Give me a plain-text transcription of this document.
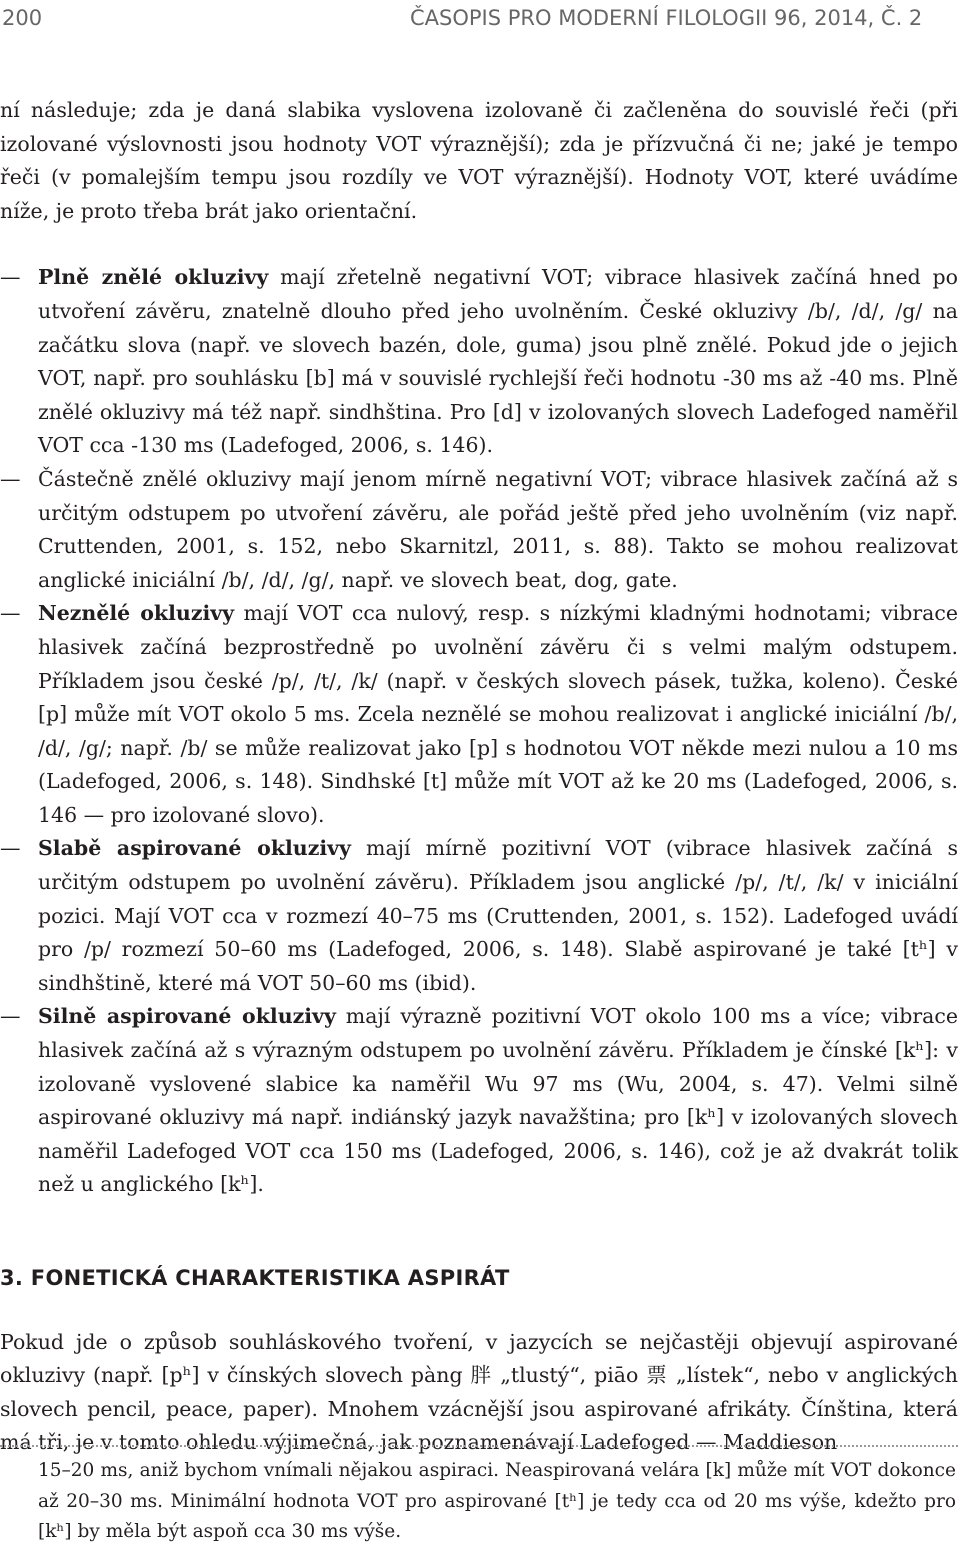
200	ČASOPIS PRO MODERNÍ FILOLOGII 96, 2014, Č. 2

ní následuje; zda je daná slabika vyslovena izolovaně či začleněna do souvislé řeči (při izolované výslovnosti jsou hodnoty VOT výraznější); zda je přízvučná či ne; jaké je tempo řeči (v pomalejším tempu jsou rozdíly ve VOT výraznější). Hodnoty VOT, které uvádíme níže, je proto třeba brát jako orientační.

— Plně znělé okluzivy mají zřetelně negativní VOT; vibrace hlasivek začíná hned po utvoření závěru, znatelně dlouho před jeho uvolněním. České okluzivy /b/, /d/, /g/ na začátku slova (např. ve slovech bazén, dole, guma) jsou plně znělé. Pokud jde o jejich VOT, např. pro souhlásku [b] má v souvislé rychlejší řeči hodnotu -30 ms až -40 ms. Plně znělé okluzivy má též např. sindhština. Pro [d] v izolovaných slovech Ladefoged naměřil VOT cca -130 ms (Ladefoged, 2006, s. 146).
— Částečně znělé okluzivy mají jenom mírně negativní VOT; vibrace hlasivek začíná až s určitým odstupem po utvoření závěru, ale pořád ještě před jeho uvolněním (viz např. Cruttenden, 2001, s. 152, nebo Skarnitzl, 2011, s. 88). Takto se mohou realizovat anglické iniciální /b/, /d/, /g/, např. ve slovech beat, dog, gate.
— Neznělé okluzivy mají VOT cca nulový, resp. s nízkými kladnými hodnotami; vibrace hlasivek začíná bezprostředně po uvolnění závěru či s velmi malým odstupem. Příkladem jsou české /p/, /t/, /k/ (např. v českých slovech pásek, tužka, koleno). České [p] může mít VOT okolo 5 ms. Zcela neznělé se mohou realizovat i anglické iniciální /b/, /d/, /g/; např. /b/ se může realizovat jako [p] s hodnotou VOT někde mezi nulou a 10 ms (Ladefoged, 2006, s. 148). Sindhské [t] může mít VOT až ke 20 ms (Ladefoged, 2006, s. 146 — pro izolované slovo).
— Slabě aspirované okluzivy mají mírně pozitivní VOT (vibrace hlasivek začíná s určitým odstupem po uvolnění závěru). Příkladem jsou anglické /p/, /t/, /k/ v iniciální pozici. Mají VOT cca v rozmezí 40–75 ms (Cruttenden, 2001, s. 152). Ladefoged uvádí pro /p/ rozmezí 50–60 ms (Ladefoged, 2006, s. 148). Slabě aspirované je také [tʰ] v sindhštině, které má VOT 50–60 ms (ibid).
— Silně aspirované okluzivy mají výrazně pozitivní VOT okolo 100 ms a více; vibrace hlasivek začíná až s výrazným odstupem po uvolnění závěru. Příkladem je čínské [kʰ]: v izolovaně vyslovené slabice ka naměřil Wu 97 ms (Wu, 2004, s. 47). Velmi silně aspirované okluzivy má např. indiánský jazyk navažština; pro [kʰ] v izolovaných slovech naměřil Ladefoged VOT cca 150 ms (Ladefoged, 2006, s. 146), což je až dvakrát tolik než u anglického [kʰ].
3. FONETICKÁ CHARAKTERISTIKA ASPIRÁT

Pokud jde o způsob souhláskového tvoření, v jazycích se nejčastěji objevují aspirované okluzivy (např. [pʰ] v čínských slovech pàng 胖 „tlustý“, piāo 票 „lístek“, nebo v anglických slovech pencil, peace, paper). Mnohem vzácnější jsou aspirované afrikáty. Čínština, která má tři, je v tomto ohledu výjimečná, jak poznamenávají Ladefoged — Maddieson

15–20 ms, aniž bychom vnímali nějakou aspiraci. Neaspirovaná velára [k] může mít VOT dokonce až 20–30 ms. Minimální hodnota VOT pro aspirované [tʰ] je tedy cca od 20 ms výše, kdežto pro [kʰ] by měla být aspoň cca 30 ms výše.
